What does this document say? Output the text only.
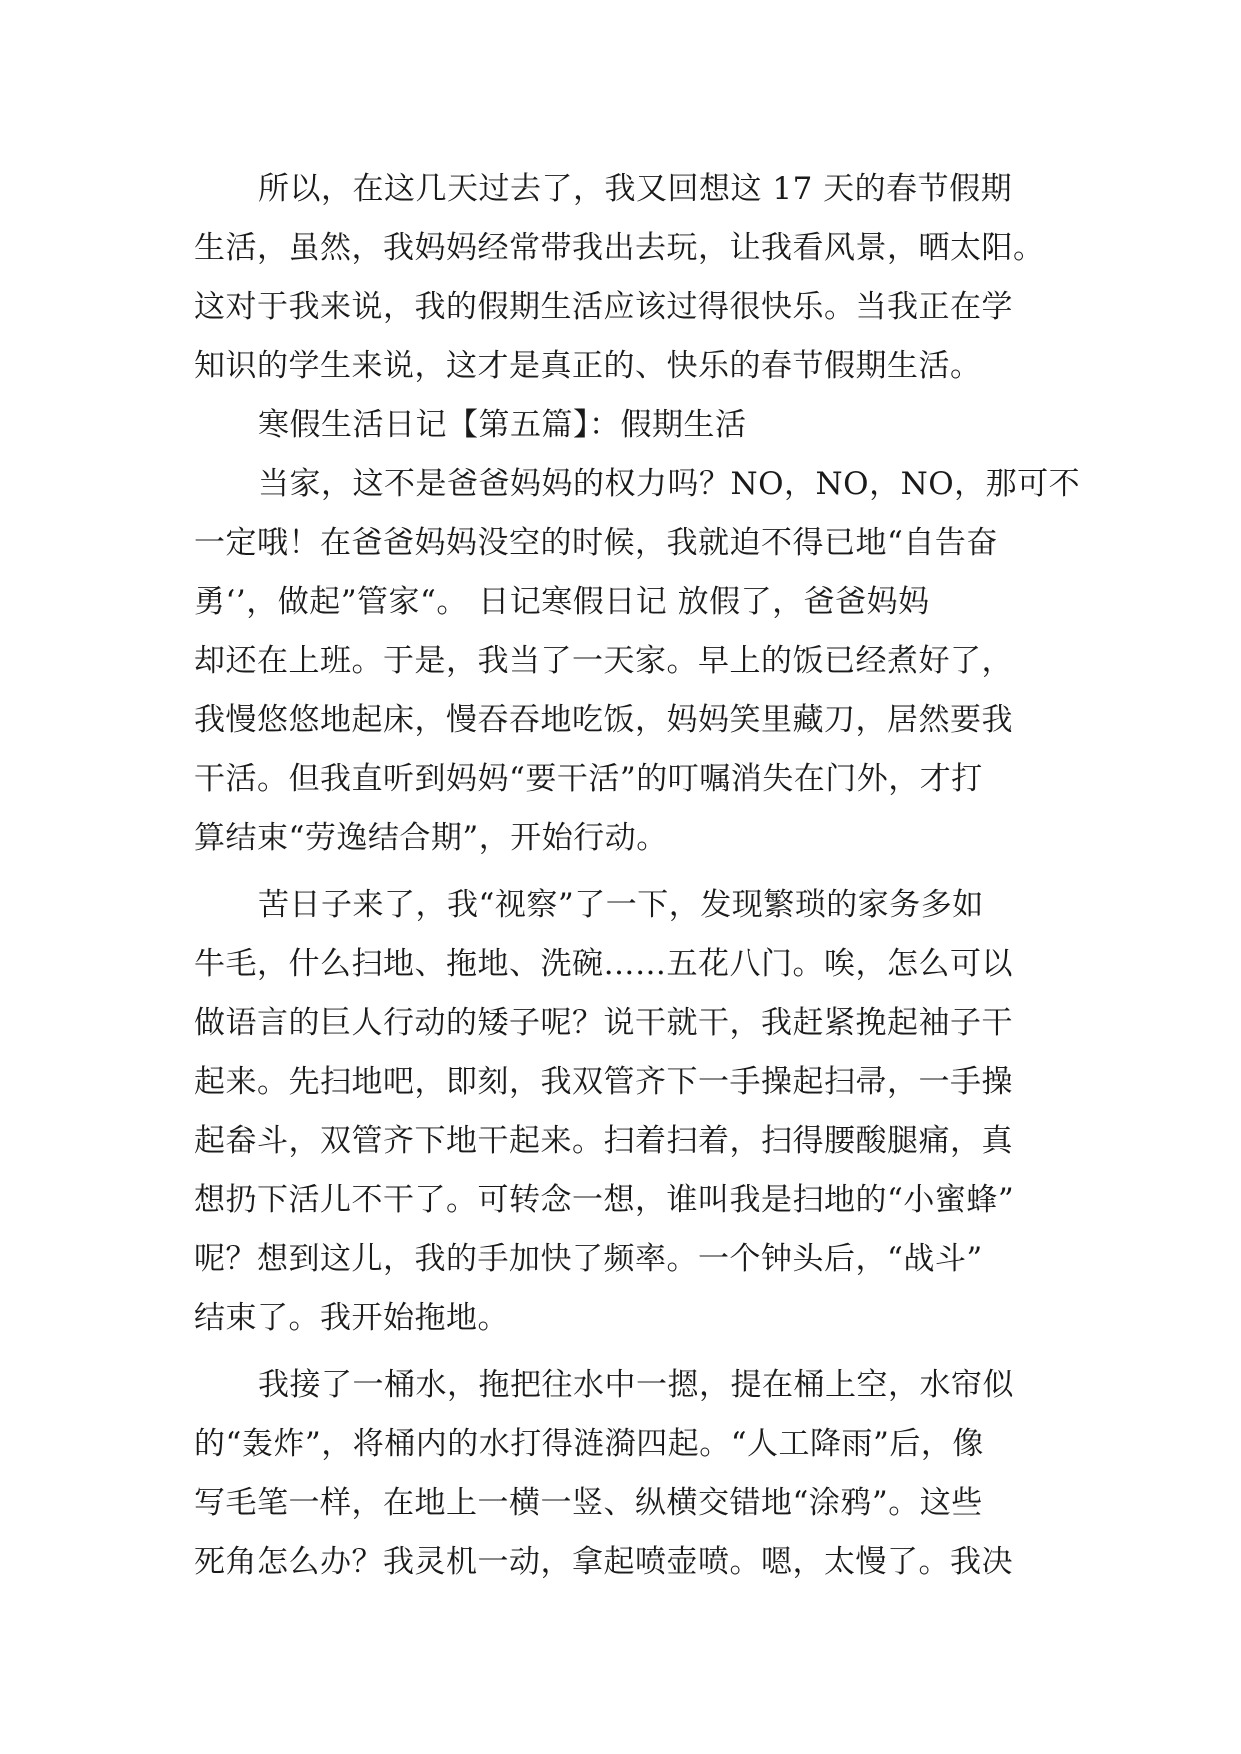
所以，在这几天过去了，我又回想这 17 天的春节假期
生活，虽然，我妈妈经常带我出去玩，让我看风景，晒太阳。
这对于我来说，我的假期生活应该过得很快乐。当我正在学
知识的学生来说，这才是真正的、快乐的春节假期生活。
寒假生活日记【第五篇】：假期生活
当家，这不是爸爸妈妈的权力吗？NO，NO，NO，那可不
一定哦！在爸爸妈妈没空的时候，我就迫不得已地“自告奋
勇‘’，做起”管家“。 日记寒假日记 放假了，爸爸妈妈
却还在上班。于是，我当了一天家。早上的饭已经煮好了，
我慢悠悠地起床，慢吞吞地吃饭，妈妈笑里藏刀，居然要我
干活。但我直听到妈妈“要干活”的叮嘱消失在门外，才打
算结束“劳逸结合期”，开始行动。
苦日子来了，我“视察”了一下，发现繁琐的家务多如
牛毛，什么扫地、拖地、洗碗……五花八门。唉，怎么可以
做语言的巨人行动的矮子呢？说干就干，我赶紧挽起袖子干
起来。先扫地吧，即刻，我双管齐下一手操起扫帚，一手操
起畚斗，双管齐下地干起来。扫着扫着，扫得腰酸腿痛，真
想扔下活儿不干了。可转念一想，谁叫我是扫地的“小蜜蜂”
呢？想到这儿，我的手加快了频率。一个钟头后，“战斗”
结束了。我开始拖地。
我接了一桶水，拖把往水中一摁，提在桶上空，水帘似
的“轰炸”，将桶内的水打得涟漪四起。“人工降雨”后，像
写毛笔一样，在地上一横一竖、纵横交错地“涂鸦”。这些
死角怎么办？我灵机一动，拿起喷壶喷。嗯，太慢了。我决
